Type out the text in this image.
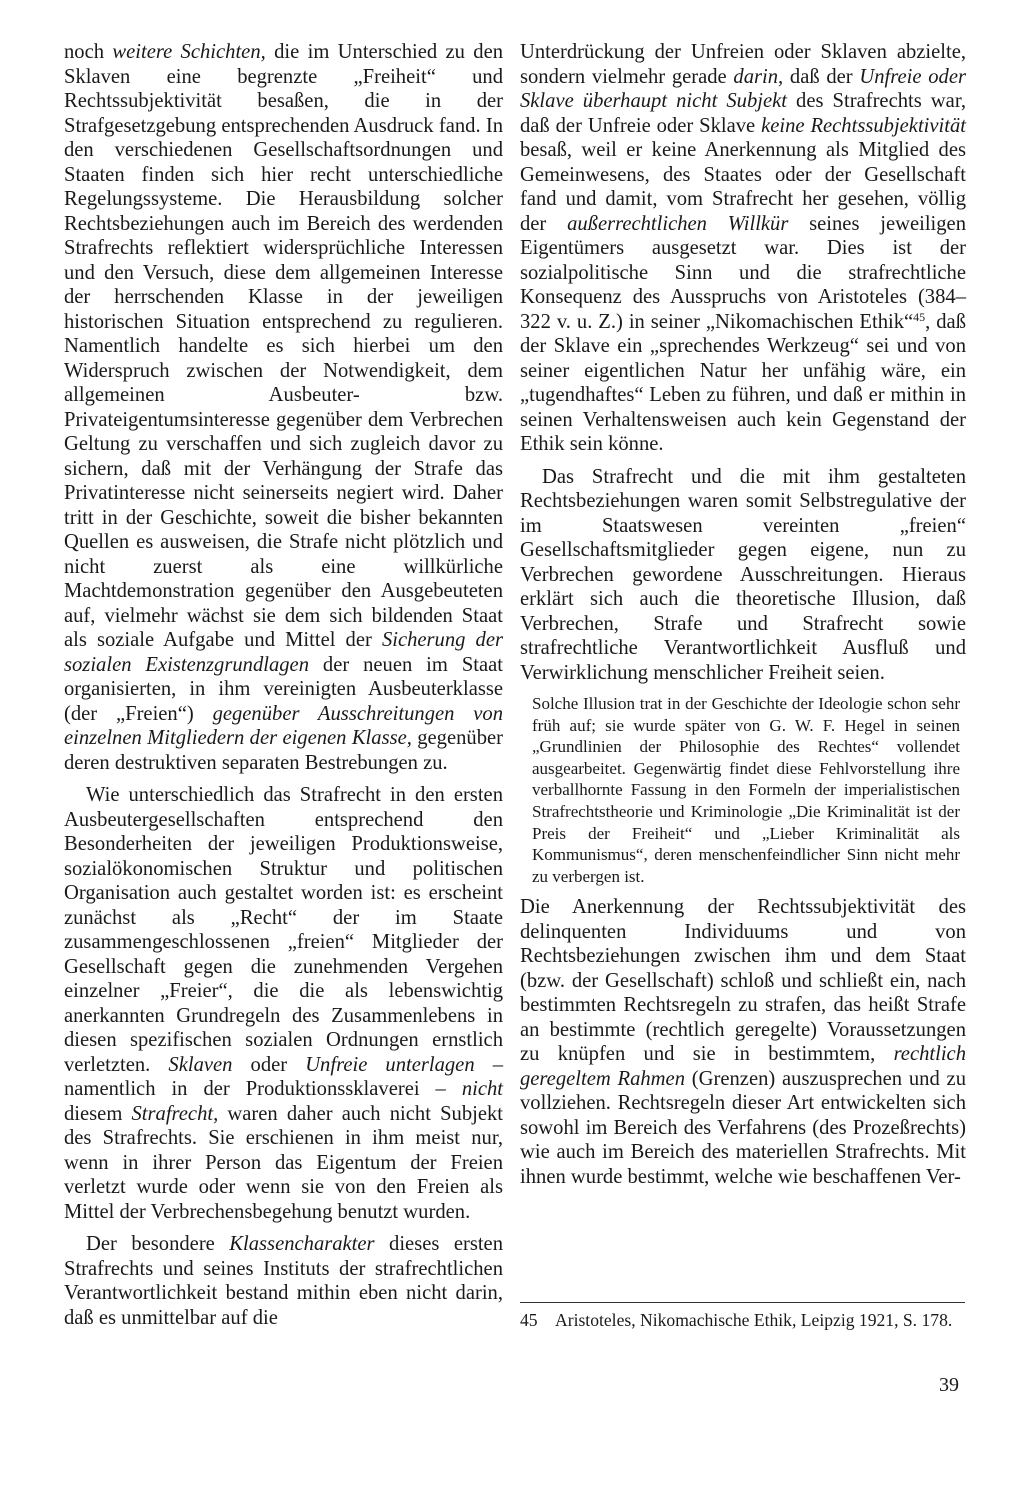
noch weitere Schichten, die im Unterschied zu den Sklaven eine begrenzte „Freiheit“ und Rechtssubjektivität besaßen, die in der Strafgesetzgebung entsprechenden Ausdruck fand. In den verschiedenen Gesellschaftsordnungen und Staaten finden sich hier recht unterschiedliche Regelungssysteme. Die Herausbildung solcher Rechtsbeziehungen auch im Bereich des werdenden Strafrechts reflektiert widersprüchliche Interessen und den Versuch, diese dem allgemeinen Interesse der herrschenden Klasse in der jeweiligen historischen Situation entsprechend zu regulieren. Namentlich handelte es sich hierbei um den Widerspruch zwischen der Notwendigkeit, dem allgemeinen Ausbeuter- bzw. Privateigentumsinteresse gegenüber dem Verbrechen Geltung zu verschaffen und sich zugleich davor zu sichern, daß mit der Verhängung der Strafe das Privatinteresse nicht seinerseits negiert wird. Daher tritt in der Geschichte, soweit die bisher bekannten Quellen es ausweisen, die Strafe nicht plötzlich und nicht zuerst als eine willkürliche Machtdemonstration gegenüber den Ausgebeuteten auf, vielmehr wächst sie dem sich bildenden Staat als soziale Aufgabe und Mittel der Sicherung der sozialen Existenzgrundlagen der neuen im Staat organisierten, in ihm vereinigten Ausbeuterklasse (der „Freien“) gegenüber Ausschreitungen von einzelnen Mitgliedern der eigenen Klasse, gegenüber deren destruktiven separaten Bestrebungen zu.

Wie unterschiedlich das Strafrecht in den ersten Ausbeutergesellschaften entsprechend den Besonderheiten der jeweiligen Produktionsweise, sozialökonomischen Struktur und politischen Organisation auch gestaltet worden ist: es erscheint zunächst als „Recht“ der im Staate zusammengeschlossenen „freien“ Mitglieder der Gesellschaft gegen die zunehmenden Vergehen einzelner „Freier“, die die als lebenswichtig anerkannten Grundregeln des Zusammenlebens in diesen spezifischen sozialen Ordnungen ernstlich verletzten. Sklaven oder Unfreie unterlagen – namentlich in der Produktionssklaverei – nicht diesem Strafrecht, waren daher auch nicht Subjekt des Strafrechts. Sie erschienen in ihm meist nur, wenn in ihrer Person das Eigentum der Freien verletzt wurde oder wenn sie von den Freien als Mittel der Verbrechensbegehung benutzt wurden.

Der besondere Klassencharakter dieses ersten Strafrechts und seines Instituts der strafrechtlichen Verantwortlichkeit bestand mithin eben nicht darin, daß es unmittelbar auf die

Unterdrückung der Unfreien oder Sklaven abzielte, sondern vielmehr gerade darin, daß der Unfreie oder Sklave überhaupt nicht Subjekt des Strafrechts war, daß der Unfreie oder Sklave keine Rechtssubjektivität besaß, weil er keine Anerkennung als Mitglied des Gemeinwesens, des Staates oder der Gesellschaft fand und damit, vom Strafrecht her gesehen, völlig der außerrechtlichen Willkür seines jeweiligen Eigentümers ausgesetzt war. Dies ist der sozialpolitische Sinn und die strafrechtliche Konsequenz des Ausspruchs von Aristoteles (384–322 v. u. Z.) in seiner „Nikomachischen Ethik“$^{45}$, daß der Sklave ein „sprechendes Werkzeug“ sei und von seiner eigentlichen Natur her unfähig wäre, ein „tugendhaftes“ Leben zu führen, und daß er mithin in seinen Verhaltensweisen auch kein Gegenstand der Ethik sein könne.

Das Strafrecht und die mit ihm gestalteten Rechtsbeziehungen waren somit Selbstregulative der im Staatswesen vereinten „freien“ Gesellschaftsmitglieder gegen eigene, nun zu Verbrechen gewordene Ausschreitungen. Hieraus erklärt sich auch die theoretische Illusion, daß Verbrechen, Strafe und Strafrecht sowie strafrechtliche Verantwortlichkeit Ausfluß und Verwirklichung menschlicher Freiheit seien.

Solche Illusion trat in der Geschichte der Ideologie schon sehr früh auf; sie wurde später von G. W. F. Hegel in seinen „Grundlinien der Philosophie des Rechtes“ vollendet ausgearbeitet. Gegenwärtig findet diese Fehlvorstellung ihre verballhornte Fassung in den Formeln der imperialistischen Strafrechtstheorie und Kriminologie „Die Kriminalität ist der Preis der Freiheit“ und „Lieber Kriminalität als Kommunismus“, deren menschenfeindlicher Sinn nicht mehr zu verbergen ist.

Die Anerkennung der Rechtssubjektivität des delinquenten Individuums und von Rechtsbeziehungen zwischen ihm und dem Staat (bzw. der Gesellschaft) schloß und schließt ein, nach bestimmten Rechtsregeln zu strafen, das heißt Strafe an bestimmte (rechtlich geregelte) Voraussetzungen zu knüpfen und sie in bestimmtem, rechtlich geregeltem Rahmen (Grenzen) auszusprechen und zu vollziehen. Rechtsregeln dieser Art entwickelten sich sowohl im Bereich des Verfahrens (des Prozeßrechts) wie auch im Bereich des materiellen Strafrechts. Mit ihnen wurde bestimmt, welche wie beschaffenen Ver-

45 Aristoteles, Nikomachische Ethik, Leipzig 1921, S. 178.

39
